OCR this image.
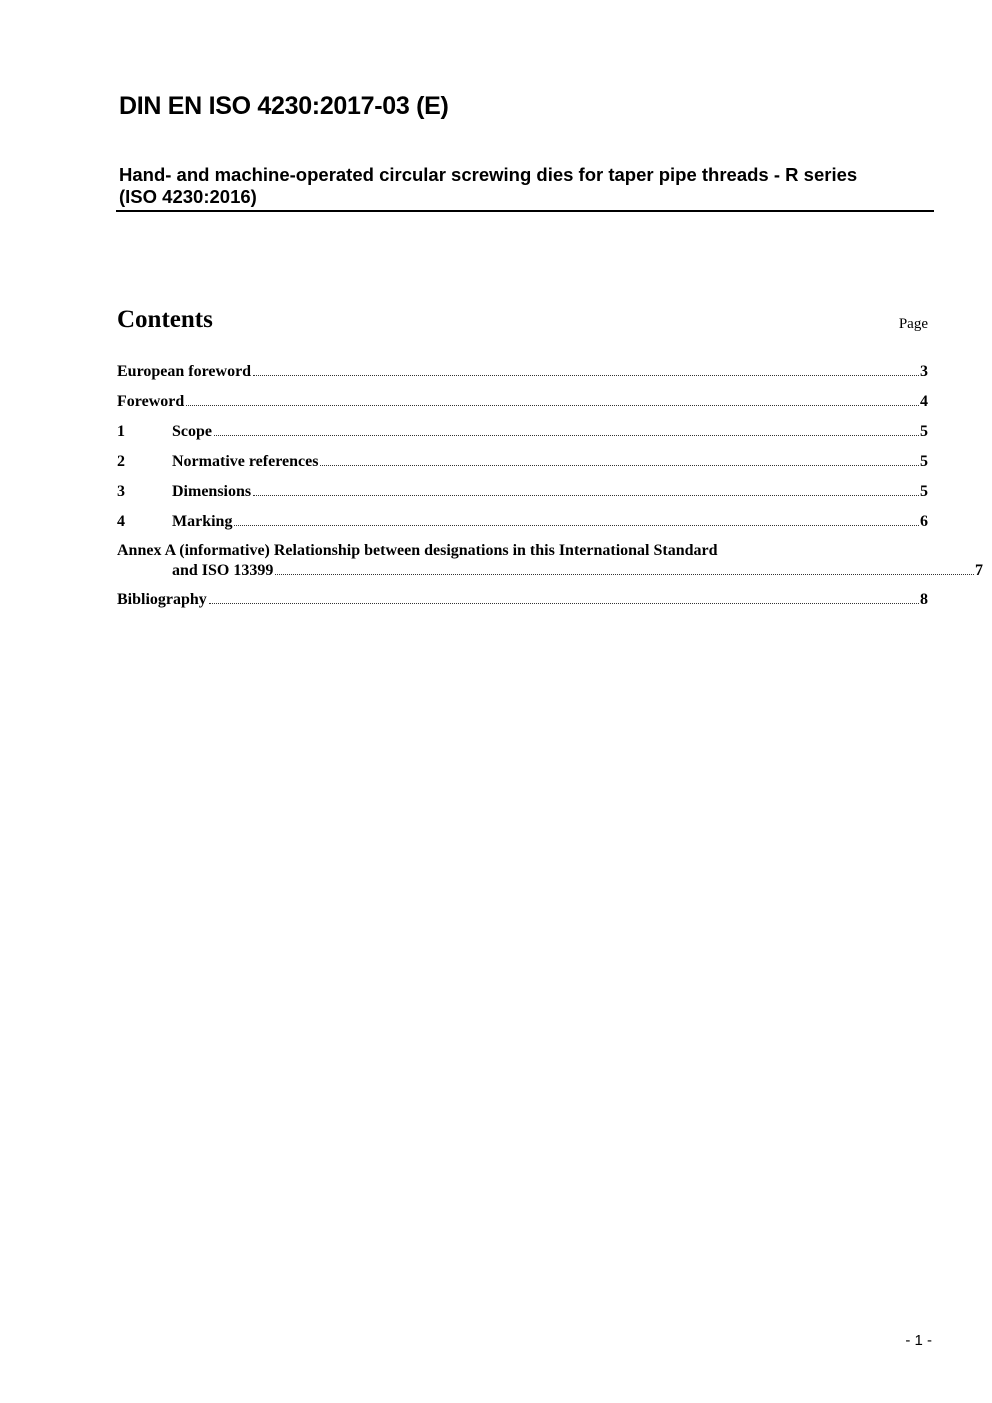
DIN EN ISO 4230:2017-03 (E)
Hand- and machine-operated circular screwing dies for taper pipe threads - R series
(ISO 4230:2016)
Contents	Page
European foreword	3
Foreword	4
1	Scope	5
2	Normative references	5
3	Dimensions	5
4	Marking	6
Annex A (informative) Relationship between designations in this International Standard
and ISO 13399	7
Bibliography	8
- 1 -
